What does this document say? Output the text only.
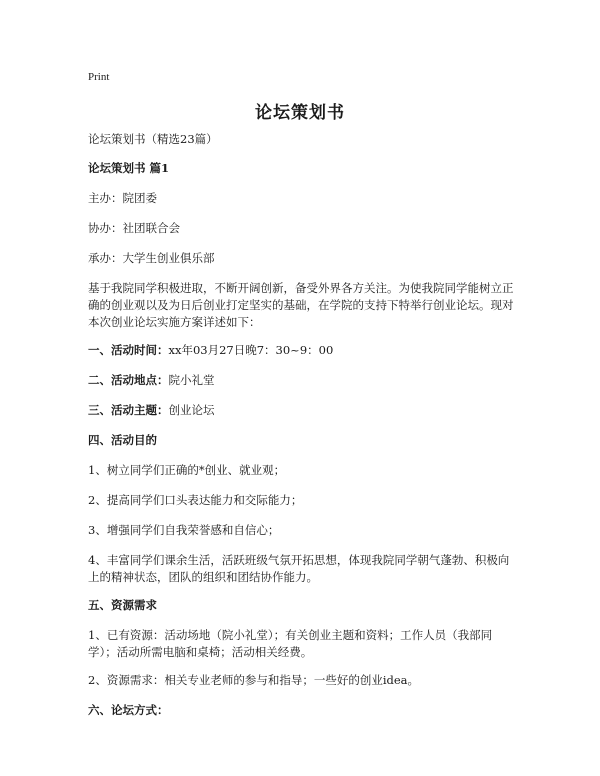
Print
论坛策划书

论坛策划书（精选23篇）

论坛策划书 篇1

主办：院团委

协办：社团联合会

承办：大学生创业俱乐部

基于我院同学积极进取，不断开阔创新，备受外界各方关注。为使我院同学能树立正确的创业观以及为日后创业打定坚实的基础，在学院的支持下特举行创业论坛。现对本次创业论坛实施方案详述如下：

一、活动时间：xx年03月27日晚7：30~9：00

二、活动地点：院小礼堂

三、活动主题：创业论坛

四、活动目的

1、树立同学们正确的*创业、就业观；

2、提高同学们口头表达能力和交际能力；

3、增强同学们自我荣誉感和自信心；

4、丰富同学们课余生活，活跃班级气氛开拓思想，体现我院同学朝气蓬勃、积极向上的精神状态，团队的组织和团结协作能力。

五、资源需求

1、已有资源：活动场地（院小礼堂）；有关创业主题和资料；工作人员（我部同学）；活动所需电脑和桌椅；活动相关经费。

2、资源需求：相关专业老师的参与和指导；一些好的创业idea。

六、论坛方式：
